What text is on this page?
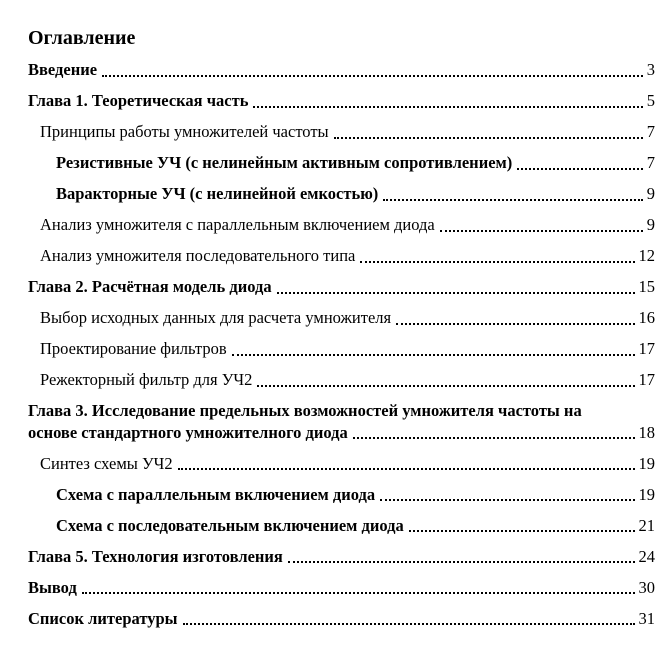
Оглавление
Введение	3
Глава 1. Теоретическая часть	5
Принципы работы умножителей частоты	7
Резистивные УЧ (с нелинейным активным сопротивлением)	7
Варакторные УЧ (с нелинейной емкостью)	9
Анализ умножителя с параллельным включением диода	9
Анализ умножителя последовательного типа	12
Глава 2. Расчётная модель диода	15
Выбор исходных данных для расчета умножителя	16
Проектирование фильтров	17
Режекторный фильтр для УЧ2	17
Глава 3. Исследование предельных возможностей умножителя частоты на
основе стандартного умножителного диода	18
Синтез схемы УЧ2	19
Схема с параллельным включением диода	19
Схема с последовательным включением диода	21
Глава 5. Технология изготовления	24
Вывод	30
Список литературы	31
